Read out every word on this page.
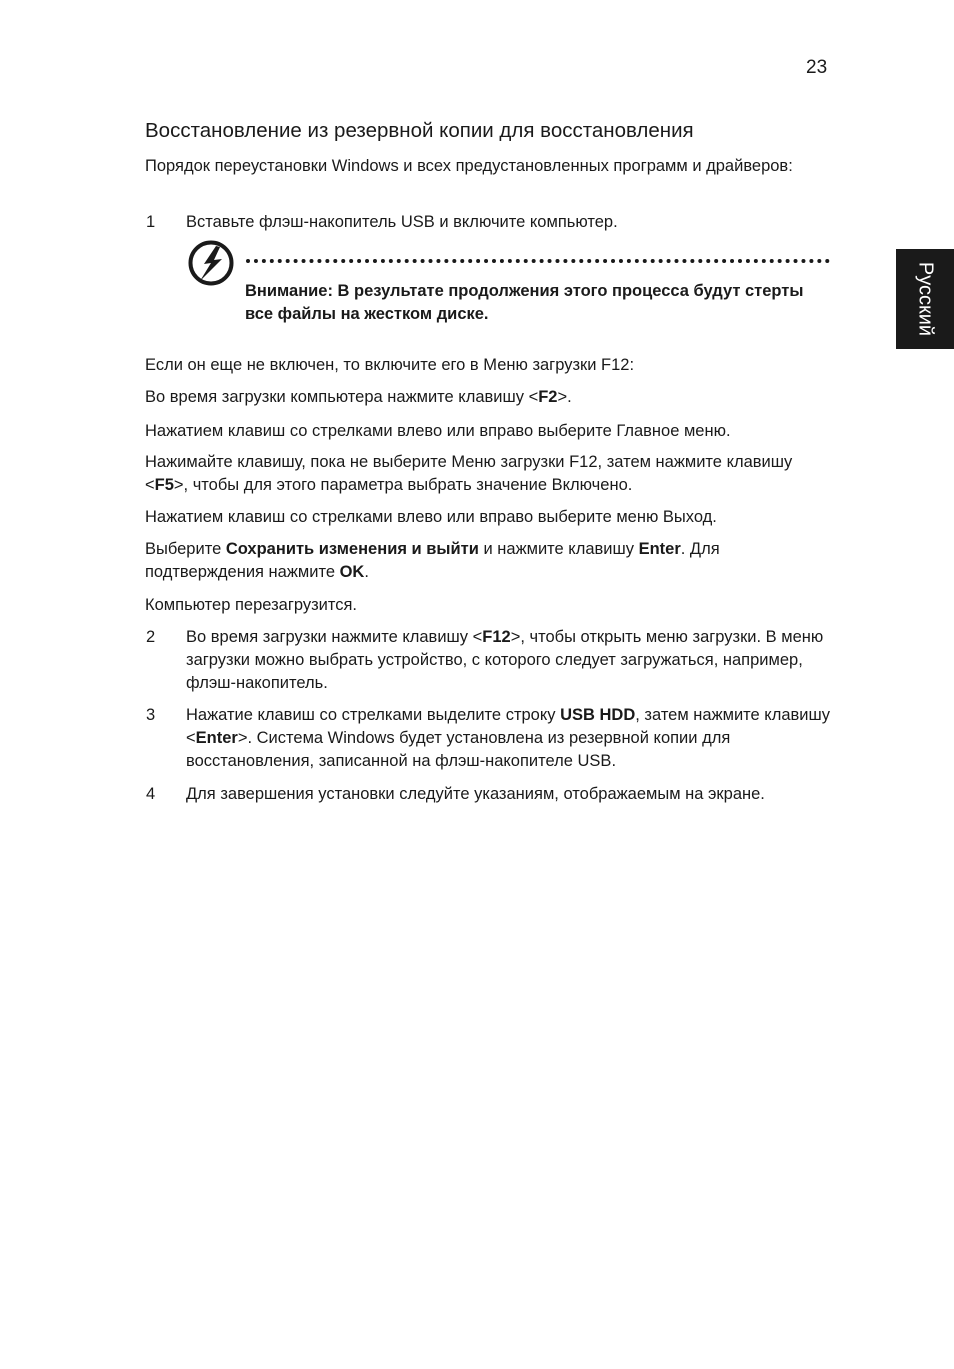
23
Русский
Восстановление из резервной копии для восстановления
Порядок переустановки Windows и всех предустановленных программ и драйверов:
1 Вставьте флэш-накопитель USB и включите компьютер.
Внимание: В результате продолжения этого процесса будут стерты все файлы на жестком диске.
Если он еще не включен, то включите его в Меню загрузки F12:
Во время загрузки компьютера нажмите клавишу <F2>.
Нажатием клавиш со стрелками влево или вправо выберите Главное меню.
Нажимайте клавишу, пока не выберите Меню загрузки F12, затем нажмите клавишу <F5>, чтобы для этого параметра выбрать значение Включено.
Нажатием клавиш со стрелками влево или вправо выберите меню Выход.
Выберите Сохранить изменения и выйти и нажмите клавишу Enter. Для подтверждения нажмите OK.
Компьютер перезагрузится.
2 Во время загрузки нажмите клавишу <F12>, чтобы открыть меню загрузки. В меню загрузки можно выбрать устройство, с которого следует загружаться, например, флэш-накопитель.
3 Нажатие клавиш со стрелками выделите строку USB HDD, затем нажмите клавишу <Enter>. Система Windows будет установлена из резервной копии для восстановления, записанной на флэш-накопителе USB.
4 Для завершения установки следуйте указаниям, отображаемым на экране.
